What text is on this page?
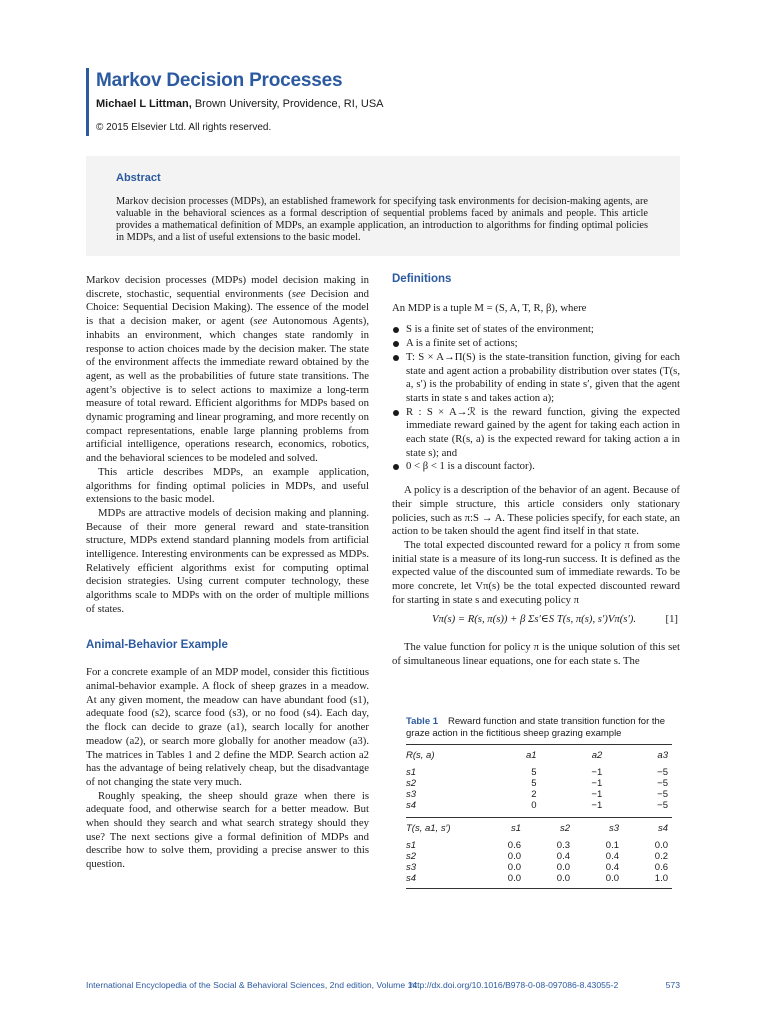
Markov Decision Processes
Michael L Littman, Brown University, Providence, RI, USA
© 2015 Elsevier Ltd. All rights reserved.
Abstract
Markov decision processes (MDPs), an established framework for specifying task environments for decision-making agents, are valuable in the behavioral sciences as a formal description of sequential problems faced by animals and people. This article provides a mathematical definition of MDPs, an example application, an introduction to algorithms for finding optimal policies in MDPs, and a list of useful extensions to the basic model.

Markov decision processes (MDPs) model decision making in discrete, stochastic, sequential environments (see Decision and Choice: Sequential Decision Making). The essence of the model is that a decision maker, or agent (see Autonomous Agents), inhabits an environment, which changes state randomly in response to action choices made by the decision maker. The state of the environment affects the immediate reward obtained by the agent, as well as the probabilities of future state transitions. The agent’s objective is to select actions to maximize a long-term measure of total reward. Efficient algorithms for MDPs based on dynamic programing and linear programing, and more recently on compact representations, enable large planning problems from artificial intelligence, operations research, economics, robotics, and the behavioral sciences to be modeled and solved.

This article describes MDPs, an example application, algorithms for finding optimal policies in MDPs, and useful extensions to the basic model.

MDPs are attractive models of decision making and planning. Because of their more general reward and state-transition structure, MDPs extend standard planning models from artificial intelligence. Interesting environments can be expressed as MDPs. Relatively efficient algorithms exist for computing optimal decision strategies. Using current computer technology, these algorithms scale to MDPs with on the order of multiple millions of states.

Animal-Behavior Example

For a concrete example of an MDP model, consider this fictitious animal-behavior example. A flock of sheep grazes in a meadow. At any given moment, the meadow can have abundant food (s1), adequate food (s2), scarce food (s3), or no food (s4). Each day, the flock can decide to graze (a1), search locally for another meadow (a2), or search more globally for another meadow (a3). The matrices in Tables 1 and 2 define the MDP. Search action a2 has the advantage of being relatively cheap, but the disadvantage of not changing the state very much.

Roughly speaking, the sheep should graze when there is adequate food, and otherwise search for a better meadow. But when should they search and what search strategy should they use? The next sections give a formal definition of MDPs and describe how to solve them, providing a precise answer to this question.

Definitions

An MDP is a tuple M = (S, A, T, R, β), where

S is a finite set of states of the environment;
A is a finite set of actions;
T: S × A→Π(S) is the state-transition function, giving for each state and agent action a probability distribution over states (T(s, a, s′) is the probability of ending in state s′, given that the agent starts in state s and takes action a);
R : S × A→ℛ is the reward function, giving the expected immediate reward gained by the agent for taking each action in each state (R(s, a) is the expected reward for taking action a in state s); and
0 < β < 1 is a discount factor).

A policy is a description of the behavior of an agent. Because of their simple structure, this article considers only stationary policies, such as π:S → A. These policies specify, for each state, an action to be taken should the agent find itself in that state.

The total expected discounted reward for a policy π from some initial state is a measure of its long-run success. It is defined as the expected value of the discounted sum of immediate rewards. To be more concrete, let Vπ(s) be the total expected discounted reward for starting in state s and executing policy π

Vπ(s) = R(s, π(s)) + β Σs′∈S T(s, π(s), s′)Vπ(s′).	[1]

The value function for policy π is the unique solution of this set of simultaneous linear equations, one for each state s. The

Table 1 Reward function and state transition function for the graze action in the fictitious sheep grazing example
R(s, a)	a1	a2	a3
s1	5	−1	−5
s2	5	−1	−5
s3	2	−1	−5
s4	0	−1	−5
T(s, a1, s′)	s1	s2	s3	s4
s1	0.6	0.3	0.1	0.0
s2	0.0	0.4	0.4	0.2
s3	0.0	0.0	0.4	0.6
s4	0.0	0.0	0.0	1.0
International Encyclopedia of the Social & Behavioral Sciences, 2nd edition, Volume 14
http://dx.doi.org/10.1016/B978-0-08-097086-8.43055-2	573
